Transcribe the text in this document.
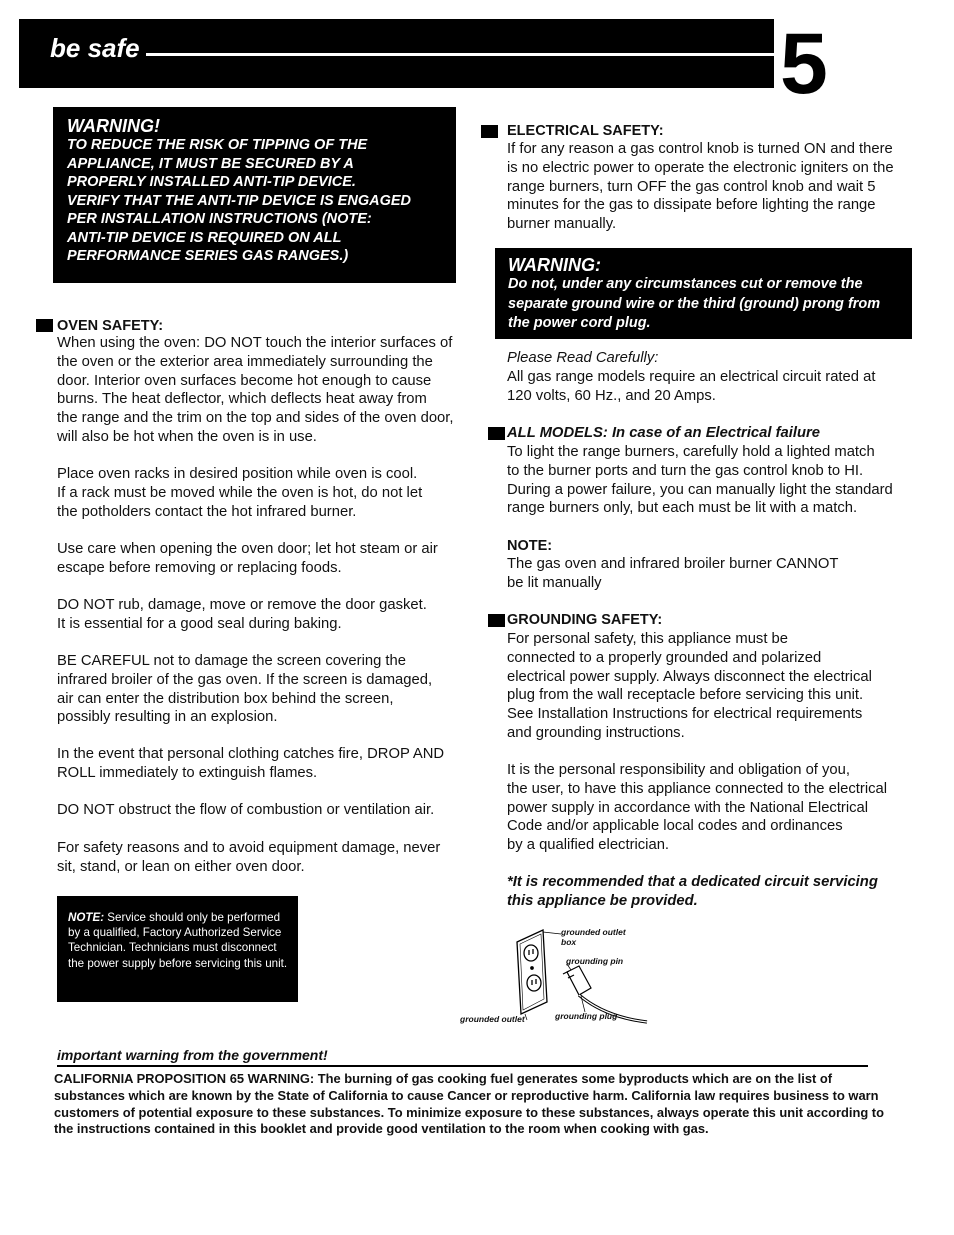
be safe	5
WARNING!
TO REDUCE THE RISK OF TIPPING OF THE
APPLIANCE, IT MUST BE SECURED BY A
PROPERLY INSTALLED ANTI-TIP DEVICE.
VERIFY THAT THE ANTI-TIP DEVICE IS ENGAGED
PER INSTALLATION INSTRUCTIONS (NOTE:
ANTI-TIP DEVICE IS REQUIRED ON ALL
PERFORMANCE SERIES GAS RANGES.)
OVEN SAFETY:
When using the oven: DO NOT touch the interior surfaces of
the oven or the exterior area immediately surrounding the
door. Interior oven surfaces become hot enough to cause
burns. The heat deflector, which deflects heat away from
the range and the trim on the top and sides of the oven door,
will also be hot when the oven is in use.
Place oven racks in desired position while oven is cool.
If a rack must be moved while the oven is hot, do not let
the potholders contact the hot infrared burner.
Use care when opening the oven door; let hot steam or air
escape before removing or replacing foods.
DO NOT rub, damage, move or remove the door gasket.
It is essential for a good seal during baking.
BE CAREFUL not to damage the screen covering the
infrared broiler of the gas oven. If the screen is damaged,
air can enter the distribution box behind the screen,
possibly resulting in an explosion.
In the event that personal clothing catches fire, DROP AND
ROLL immediately to extinguish flames.
DO NOT obstruct the flow of combustion or ventilation air.
For safety reasons and to avoid equipment damage, never
sit, stand, or lean on either oven door.
NOTE: Service should only be performed by a qualified, Factory Authorized Service Technician. Technicians must disconnect the power supply before servicing this unit.
ELECTRICAL SAFETY:
If for any reason a gas control knob is turned ON and there
is no electric power to operate the electronic igniters on the
range burners, turn OFF the gas control knob and wait 5
minutes for the gas to dissipate before lighting the range
burner manually.
WARNING:
Do not, under any circumstances cut or remove the
separate ground wire or the third (ground) prong from
the power cord plug.
Please Read Carefully:
All gas range models require an electrical circuit rated at
120 volts, 60 Hz., and 20 Amps.
ALL MODELS: In case of an Electrical failure
To light the range burners, carefully hold a lighted match
to the burner ports and turn the gas control knob to HI.
During a power failure, you can manually light the standard
range burners only, but each must be lit with a match.
NOTE:
The gas oven and infrared broiler burner CANNOT
be lit manually
GROUNDING SAFETY:
For personal safety, this appliance must be
connected to a properly grounded and polarized
electrical power supply. Always disconnect the electrical
plug from the wall receptacle before servicing this unit.
See Installation Instructions for electrical requirements
and grounding instructions.
It is the personal responsibility and obligation of you,
the user, to have this appliance connected to the electrical
power supply in accordance with the National Electrical
Code and/or applicable local codes and ordinances
by a qualified electrician.
*It is recommended that a dedicated circuit servicing
this appliance be provided.
grounded outlet
box
grounding pin
grounded outlet	grounding plug
important warning from the government!
CALIFORNIA PROPOSITION 65 WARNING: The burning of gas cooking fuel generates some byproducts which are on the list of substances which are known by the State of California to cause Cancer or reproductive harm. California law requires business to warn customers of potential exposure to these substances. To minimize exposure to these substances, always operate this unit according to the instructions contained in this booklet and provide good ventilation to the room when cooking with gas.
